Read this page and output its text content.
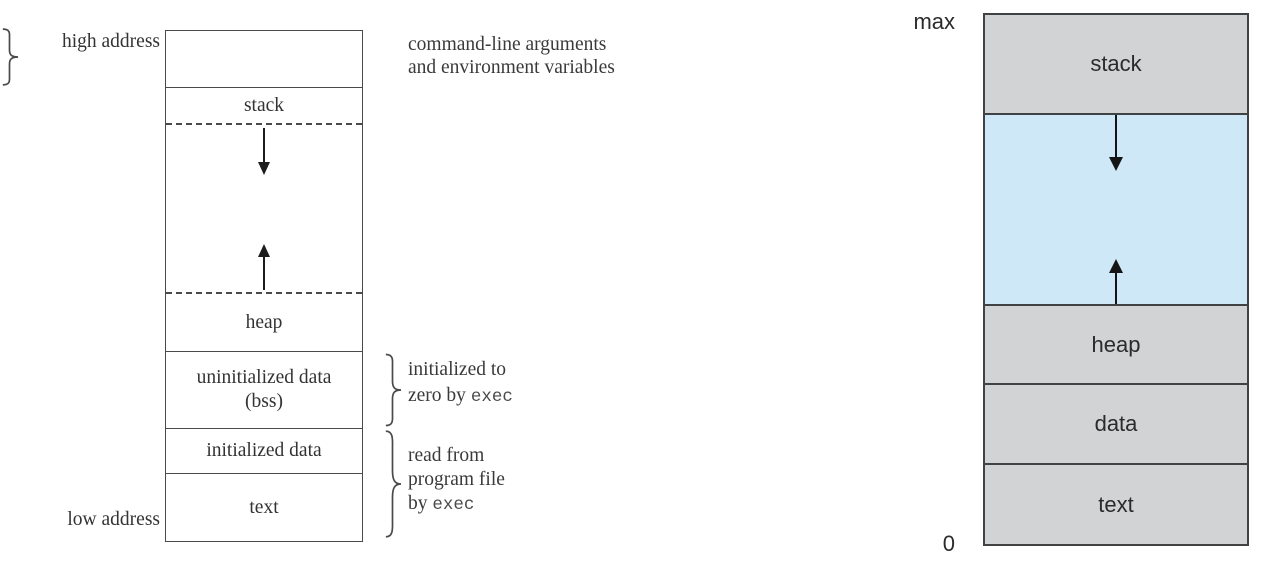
high address
low address
stack
heap
uninitialized data
(bss)
initialized data
text
command-line arguments
and environment variables
initialized to
zero by exec
read from
program file
by exec
max
0
stack
heap
data
text
